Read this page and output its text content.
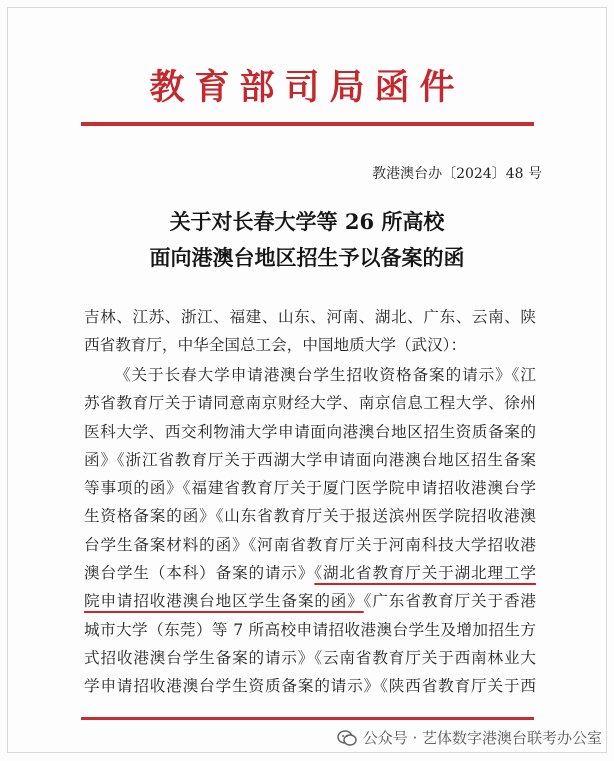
教育部司局函件
教港澳台办〔2024〕48 号
关于对长春大学等 26 所高校
面向港澳台地区招生予以备案的函
吉林、江苏、浙江、福建、山东、河南、湖北、广东、云南、陕
西省教育厅，中华全国总工会，中国地质大学（武汉）：
《关于长春大学申请港澳台学生招收资格备案的请示》《江
苏省教育厅关于请同意南京财经大学、南京信息工程大学、徐州
医科大学、西交利物浦大学申请面向港澳台地区招生资质备案的
函》《浙江省教育厅关于西湖大学申请面向港澳台地区招生备案
等事项的函》《福建省教育厅关于厦门医学院申请招收港澳台学
生资格备案的函》《山东省教育厅关于报送滨州医学院招收港澳
台学生备案材料的函》《河南省教育厅关于河南科技大学招收港
澳台学生（本科）备案的请示》《湖北省教育厅关于湖北理工学
院申请招收港澳台地区学生备案的函》《广东省教育厅关于香港
城市大学（东莞）等 7 所高校申请招收港澳台学生及增加招生方
式招收港澳台学生备案的请示》《云南省教育厅关于西南林业大
学申请招收港澳台学生资质备案的请示》《陕西省教育厅关于西
公众号 · 艺体数字港澳台联考办公室
